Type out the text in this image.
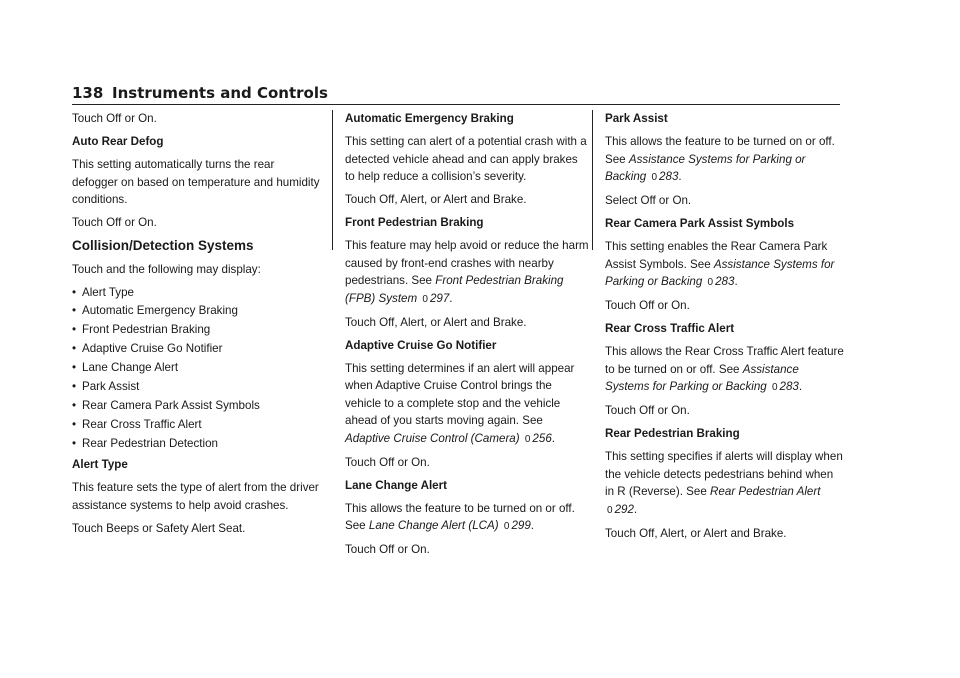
138 Instruments and Controls

Touch Off or On.

Auto Rear Defog

This setting automatically turns the rear defogger on based on temperature and humidity conditions.

Touch Off or On.

Collision/Detection Systems

Touch and the following may display:

• Alert Type
• Automatic Emergency Braking
• Front Pedestrian Braking
• Adaptive Cruise Go Notifier
• Lane Change Alert
• Park Assist
• Rear Camera Park Assist Symbols
• Rear Cross Traffic Alert
• Rear Pedestrian Detection

Alert Type

This feature sets the type of alert from the driver assistance systems to help avoid crashes.

Touch Beeps or Safety Alert Seat.

Automatic Emergency Braking

This setting can alert of a potential crash with a detected vehicle ahead and can apply brakes to help reduce a collision’s severity.

Touch Off, Alert, or Alert and Brake.

Front Pedestrian Braking

This feature may help avoid or reduce the harm caused by front-end crashes with nearby pedestrians. See Front Pedestrian Braking (FPB) System 0 297.

Touch Off, Alert, or Alert and Brake.

Adaptive Cruise Go Notifier

This setting determines if an alert will appear when Adaptive Cruise Control brings the vehicle to a complete stop and the vehicle ahead of you starts moving again. See Adaptive Cruise Control (Camera) 0 256.

Touch Off or On.

Lane Change Alert

This allows the feature to be turned on or off. See Lane Change Alert (LCA) 0 299.

Touch Off or On.

Park Assist

This allows the feature to be turned on or off. See Assistance Systems for Parking or Backing 0 283.

Select Off or On.

Rear Camera Park Assist Symbols

This setting enables the Rear Camera Park Assist Symbols. See Assistance Systems for Parking or Backing 0 283.

Touch Off or On.

Rear Cross Traffic Alert

This allows the Rear Cross Traffic Alert feature to be turned on or off. See Assistance Systems for Parking or Backing 0 283.

Touch Off or On.

Rear Pedestrian Braking

This setting specifies if alerts will display when the vehicle detects pedestrians behind when in R (Reverse). See Rear Pedestrian Alert 0 292.

Touch Off, Alert, or Alert and Brake.
